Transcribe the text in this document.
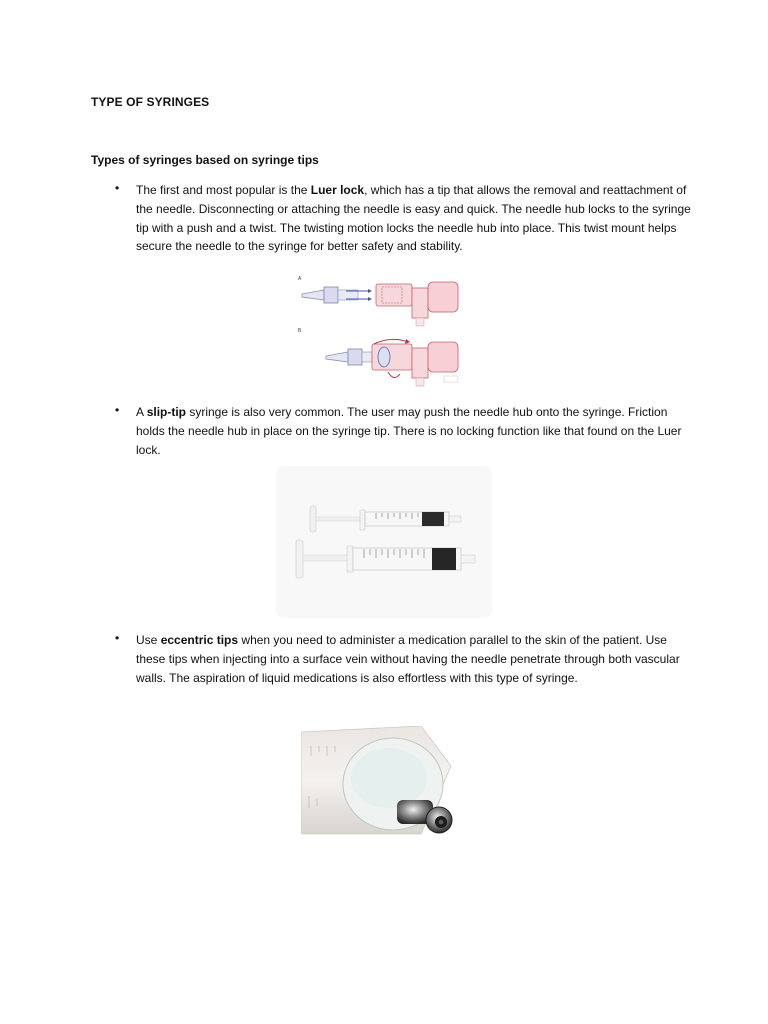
TYPE OF SYRINGES
Types of syringes based on syringe tips
• The first and most popular is the Luer lock, which has a tip that allows the removal and reattachment of the needle. Disconnecting or attaching the needle is easy and quick. The needle hub locks to the syringe tip with a push and a twist. The twisting motion locks the needle hub into place. This twist mount helps secure the needle to the syringe for better safety and stability.
A
B
• A slip-tip syringe is also very common. The user may push the needle hub onto the syringe. Friction holds the needle hub in place on the syringe tip. There is no locking function like that found on the Luer lock.
• Use eccentric tips when you need to administer a medication parallel to the skin of the patient. Use these tips when injecting into a surface vein without having the needle penetrate through both vascular walls. The aspiration of liquid medications is also effortless with this type of syringe.
